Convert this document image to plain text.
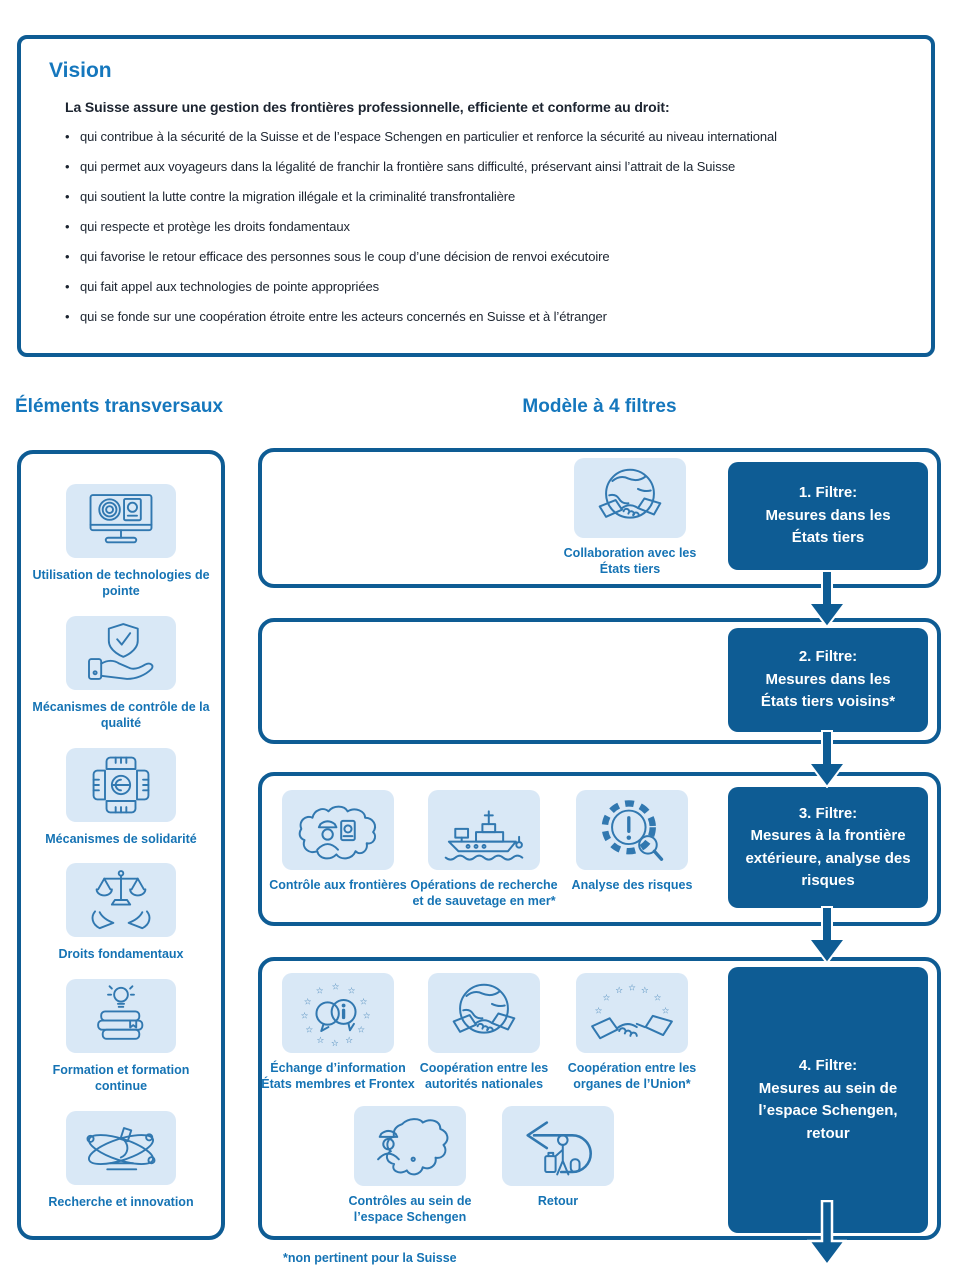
Vision

La Suisse assure une gestion des frontières professionnelle, efficiente et conforme au droit:

• qui contribue à la sécurité de la Suisse et de l’espace Schengen en particulier et renforce la sécurité au niveau international
• qui permet aux voyageurs dans la légalité de franchir la frontière sans difficulté, préservant ainsi l’attrait de la Suisse
• qui soutient la lutte contre la migration illégale et la criminalité transfrontalière
• qui respecte et protège les droits fondamentaux
• qui favorise le retour efficace des personnes sous le coup d’une décision de renvoi exécutoire
• qui fait appel aux technologies de pointe appropriées
• qui se fonde sur une coopération étroite entre les acteurs concernés en Suisse et à l’étranger
Éléments transversaux	Modèle à 4 filtres
Utilisation de technologies de pointe
Mécanismes de contrôle de la qualité
Mécanismes de solidarité
Droits fondamentaux
Formation et formation continue
Recherche et innovation
Collaboration avec les États tiers
Contrôle aux frontières Opérations de recherche et de sauvetage en mer*
Analyse des risques
☆ ☆
☆
☆
☆
☆
☆
☆
☆
☆
☆
☆
Échange d’information États membres et Frontex
Coopération entre les autorités nationales
☆
☆ ☆ ☆
☆
☆	☆
Coopération entre les organes de l’Union*
Contrôles au sein de l’espace Schengen
Retour
1. Filtre:
Mesures dans les
États tiers
2. Filtre:
Mesures dans les
États tiers voisins*
3. Filtre:
Mesures à la frontière
extérieure, analyse des
risques
4. Filtre:
Mesures au sein de
l’espace Schengen,
retour
*non pertinent pour la Suisse
